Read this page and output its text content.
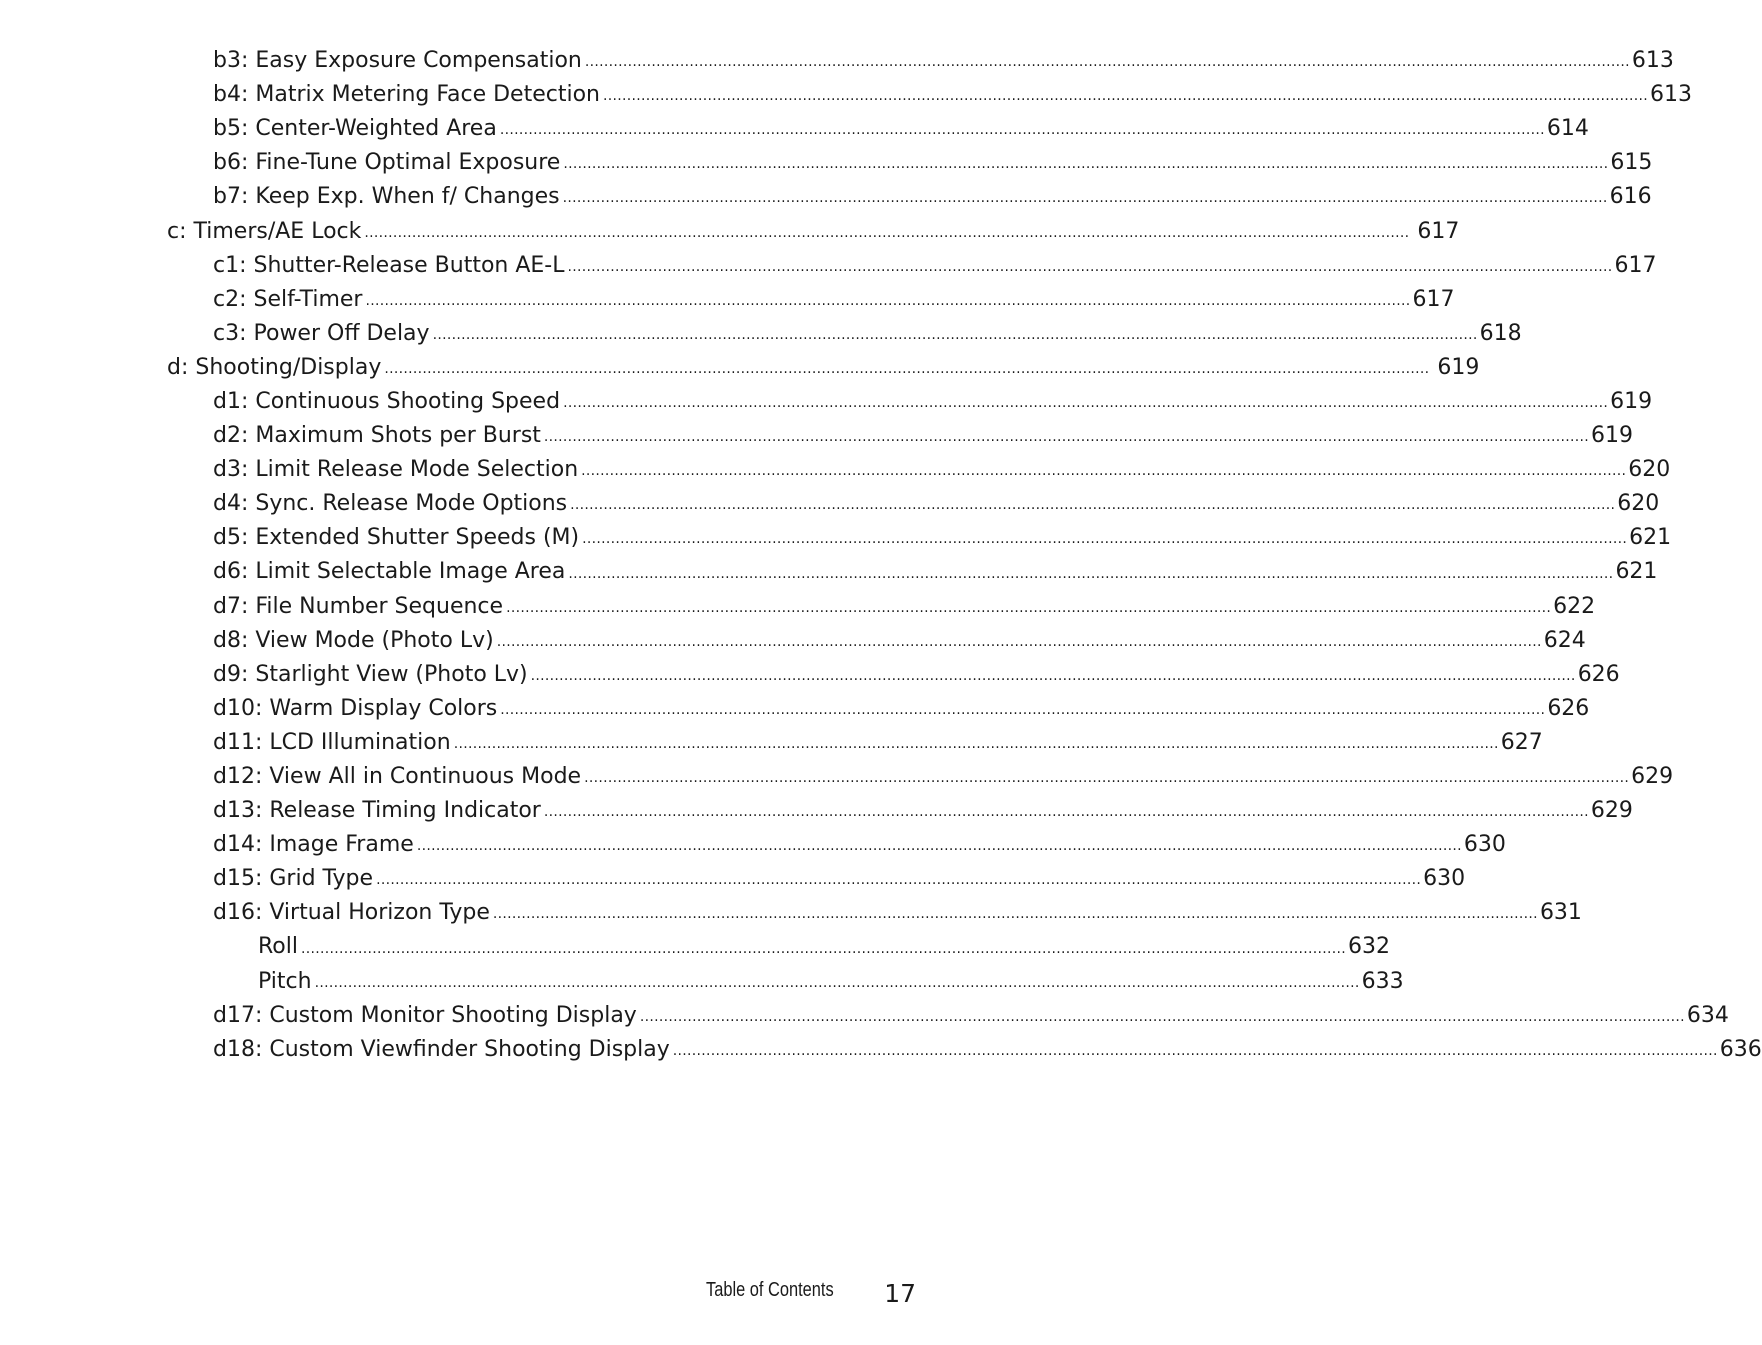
b3: Easy Exposure Compensation ............................................................................................................................................................................................................................ 613
b4: Matrix Metering Face Detection ............................................................................................................................................................................................................................ 613
b5: Center-Weighted Area ............................................................................................................................................................................................................................ 614
b6: Fine-Tune Optimal Exposure ............................................................................................................................................................................................................................ 615
b7: Keep Exp. When f/ Changes ............................................................................................................................................................................................................................ 616
c: Timers/AE Lock ............................................................................................................................................................................................................................ 617
c1: Shutter-Release Button AE-L ............................................................................................................................................................................................................................ 617
c2: Self-Timer ............................................................................................................................................................................................................................ 617
c3: Power Off Delay ............................................................................................................................................................................................................................ 618
d: Shooting/Display ............................................................................................................................................................................................................................ 619
d1: Continuous Shooting Speed ............................................................................................................................................................................................................................ 619
d2: Maximum Shots per Burst ............................................................................................................................................................................................................................ 619
d3: Limit Release Mode Selection ............................................................................................................................................................................................................................ 620
d4: Sync. Release Mode Options ............................................................................................................................................................................................................................ 620
d5: Extended Shutter Speeds (M) ............................................................................................................................................................................................................................ 621
d6: Limit Selectable Image Area ............................................................................................................................................................................................................................ 621
d7: File Number Sequence ............................................................................................................................................................................................................................ 622
d8: View Mode (Photo Lv) ............................................................................................................................................................................................................................ 624
d9: Starlight View (Photo Lv) ............................................................................................................................................................................................................................ 626
d10: Warm Display Colors ............................................................................................................................................................................................................................ 626
d11: LCD Illumination ............................................................................................................................................................................................................................ 627
d12: View All in Continuous Mode ............................................................................................................................................................................................................................ 629
d13: Release Timing Indicator ............................................................................................................................................................................................................................ 629
d14: Image Frame ............................................................................................................................................................................................................................ 630
d15: Grid Type ............................................................................................................................................................................................................................ 630
d16: Virtual Horizon Type ............................................................................................................................................................................................................................ 631
Roll ............................................................................................................................................................................................................................ 632
Pitch ............................................................................................................................................................................................................................ 633
d17: Custom Monitor Shooting Display ............................................................................................................................................................................................................................ 634
d18: Custom Viewfinder Shooting Display ............................................................................................................................................................................................................................ 636
Table of Contents 17
